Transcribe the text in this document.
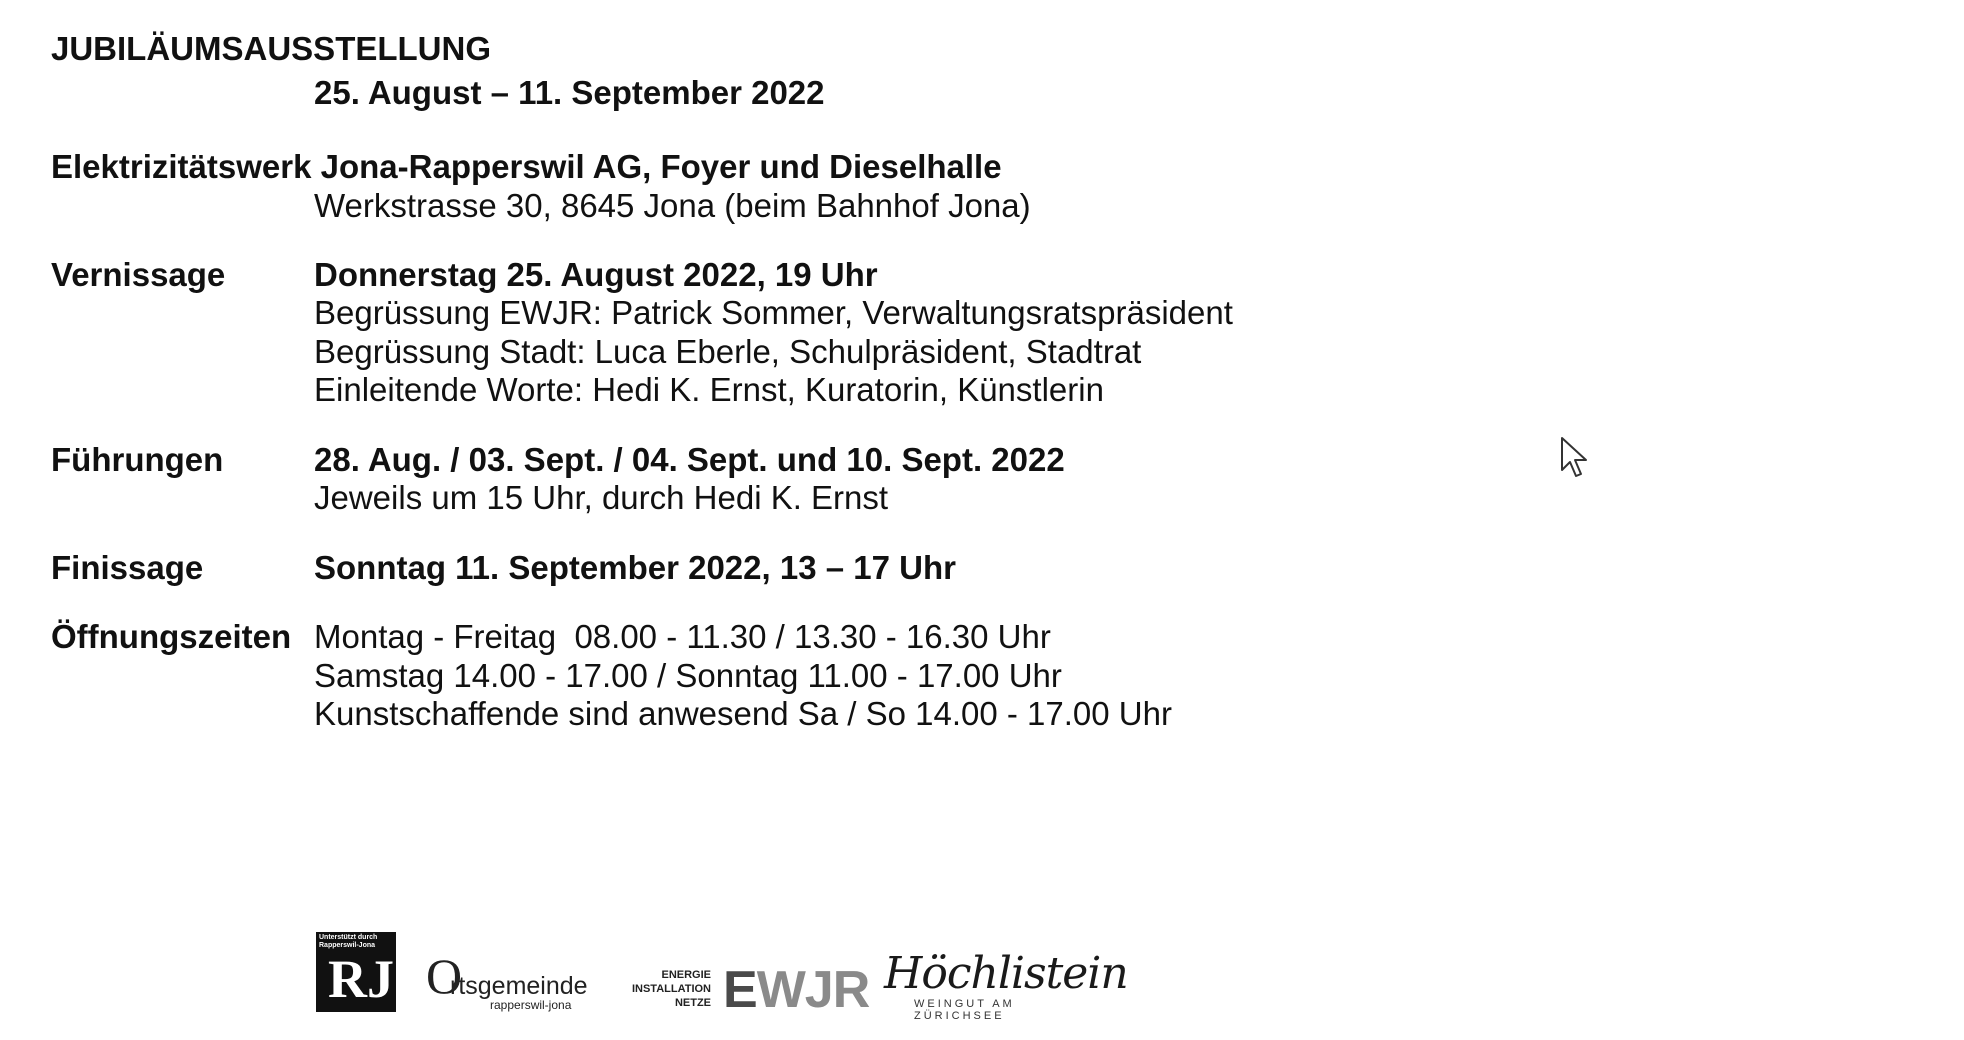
JUBILÄUMSAUSSTELLUNG
25. August – 11. September 2022
Elektrizitätswerk Jona-Rapperswil AG, Foyer und Dieselhalle
Werkstrasse 30, 8645 Jona (beim Bahnhof Jona)
Vernissage	Donnerstag 25. August 2022, 19 Uhr
Begrüssung EWJR: Patrick Sommer, Verwaltungsratspräsident
Begrüssung Stadt: Luca Eberle, Schulpräsident, Stadtrat
Einleitende Worte: Hedi K. Ernst, Kuratorin, Künstlerin
Führungen	28. Aug. / 03. Sept. / 04. Sept. und 10. Sept. 2022
Jeweils um 15 Uhr, durch Hedi K. Ernst
Finissage	Sonntag 11. September 2022, 13 – 17 Uhr
Öffnungszeiten Montag - Freitag  08.00 - 11.30 / 13.30 - 16.30 Uhr
Samstag 14.00 - 17.00 / Sonntag 11.00 - 17.00 Uhr
Kunstschaffende sind anwesend Sa / So 14.00 - 17.00 Uhr
Unterstützt durch Rapperswil-Jona
RJ O
rtsgemeinde
rapperswil-jona
ENERGIE
INSTALLATION
NETZE EWJR Höchlistein
WEINGUT AM ZÜRICHSEE
